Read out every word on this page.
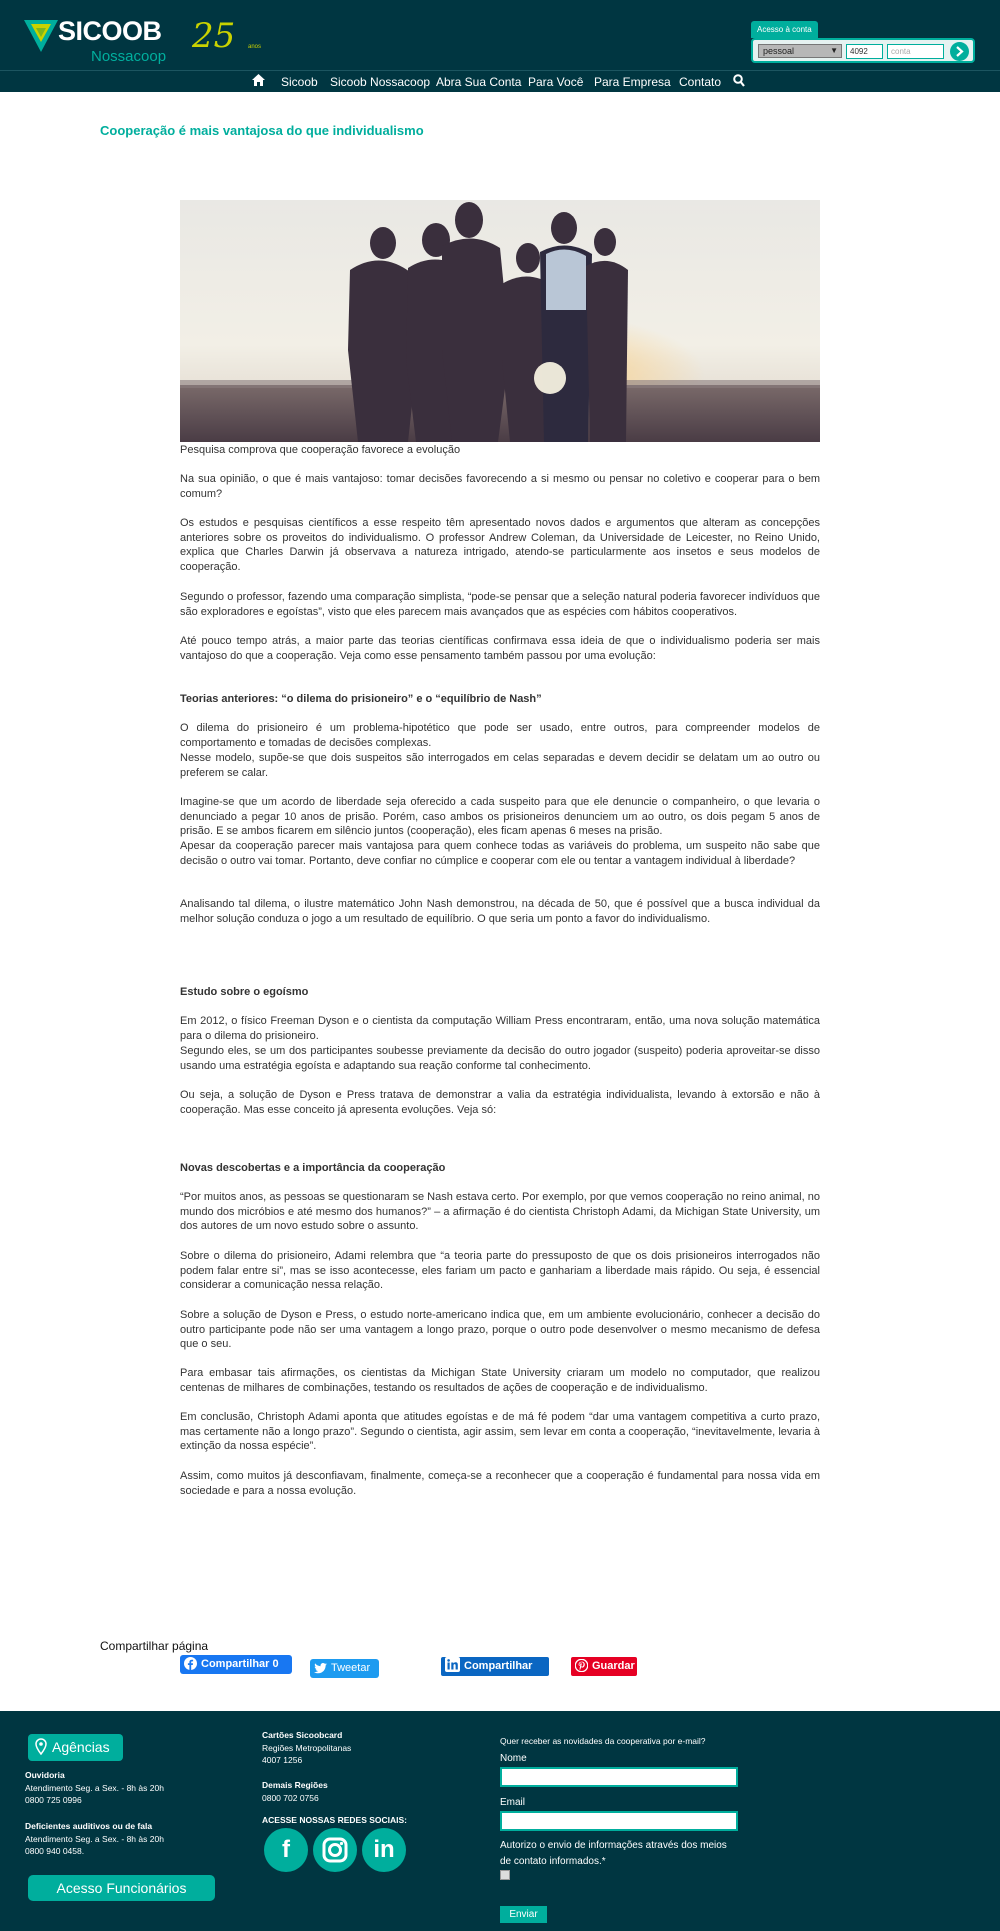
SICOOB
Nossacoop
25 anos
Acesso à conta
pessoal	▼	4092	conta
Sicoob Sicoob Nossacoop Abra Sua Conta Para Você Para Empresa Contato
Cooperação é mais vantajosa do que individualismo
Pesquisa comprova que cooperação favorece a evolução
Na sua opinião, o que é mais vantajoso: tomar decisões favorecendo a si mesmo ou pensar no coletivo e cooperar para o bem comum?
Os estudos e pesquisas científicos a esse respeito têm apresentado novos dados e argumentos que alteram as concepções anteriores sobre os proveitos do individualismo. O professor Andrew Coleman, da Universidade de Leicester, no Reino Unido, explica que Charles Darwin já observava a natureza intrigado, atendo-se particularmente aos insetos e seus modelos de cooperação.
Segundo o professor, fazendo uma comparação simplista, “pode-se pensar que a seleção natural poderia favorecer indivíduos que são exploradores e egoístas”, visto que eles parecem mais avançados que as espécies com hábitos cooperativos.
Até pouco tempo atrás, a maior parte das teorias científicas confirmava essa ideia de que o individualismo poderia ser mais vantajoso do que a cooperação. Veja como esse pensamento também passou por uma evolução:
Teorias anteriores: “o dilema do prisioneiro” e o “equilíbrio de Nash”
O dilema do prisioneiro é um problema-hipotético que pode ser usado, entre outros, para compreender modelos de comportamento e tomadas de decisões complexas.
Nesse modelo, supõe-se que dois suspeitos são interrogados em celas separadas e devem decidir se delatam um ao outro ou preferem se calar.
Imagine-se que um acordo de liberdade seja oferecido a cada suspeito para que ele denuncie o companheiro, o que levaria o denunciado a pegar 10 anos de prisão. Porém, caso ambos os prisioneiros denunciem um ao outro, os dois pegam 5 anos de prisão. E se ambos ficarem em silêncio juntos (cooperação), eles ficam apenas 6 meses na prisão.
Apesar da cooperação parecer mais vantajosa para quem conhece todas as variáveis do problema, um suspeito não sabe que decisão o outro vai tomar. Portanto, deve confiar no cúmplice e cooperar com ele ou tentar a vantagem individual à liberdade?
Analisando tal dilema, o ilustre matemático John Nash demonstrou, na década de 50, que é possível que a busca individual da melhor solução conduza o jogo a um resultado de equilíbrio. O que seria um ponto a favor do individualismo.
Estudo sobre o egoísmo
Em 2012, o físico Freeman Dyson e o cientista da computação William Press encontraram, então, uma nova solução matemática para o dilema do prisioneiro.
Segundo eles, se um dos participantes soubesse previamente da decisão do outro jogador (suspeito) poderia aproveitar-se disso usando uma estratégia egoísta e adaptando sua reação conforme tal conhecimento.
Ou seja, a solução de Dyson e Press tratava de demonstrar a valia da estratégia individualista, levando à extorsão e não à cooperação. Mas esse conceito já apresenta evoluções. Veja só:
Novas descobertas e a importância da cooperação
“Por muitos anos, as pessoas se questionaram se Nash estava certo. Por exemplo, por que vemos cooperação no reino animal, no mundo dos micróbios e até mesmo dos humanos?” – a afirmação é do cientista Christoph Adami, da Michigan State University, um dos autores de um novo estudo sobre o assunto.
Sobre o dilema do prisioneiro, Adami relembra que “a teoria parte do pressuposto de que os dois prisioneiros interrogados não podem falar entre si”, mas se isso acontecesse, eles fariam um pacto e ganhariam a liberdade mais rápido. Ou seja, é essencial considerar a comunicação nessa relação.
Sobre a solução de Dyson e Press, o estudo norte-americano indica que, em um ambiente evolucionário, conhecer a decisão do outro participante pode não ser uma vantagem a longo prazo, porque o outro pode desenvolver o mesmo mecanismo de defesa que o seu.
Para embasar tais afirmações, os cientistas da Michigan State University criaram um modelo no computador, que realizou centenas de milhares de combinações, testando os resultados de ações de cooperação e de individualismo.
Em conclusão, Christoph Adami aponta que atitudes egoístas e de má fé podem “dar uma vantagem competitiva a curto prazo, mas certamente não a longo prazo”. Segundo o cientista, agir assim, sem levar em conta a cooperação, “inevitavelmente, levaria à extinção da nossa espécie”.
Assim, como muitos já desconfiavam, finalmente, começa-se a reconhecer que a cooperação é fundamental para nossa vida em sociedade e para a nossa evolução.
Compartilhar página
Compartilhar 0	Tweetar	Compartilhar	Guardar
Agências
Ouvidoria
Atendimento Seg. a Sex. - 8h às 20h
0800 725 0996
Deficientes auditivos ou de fala
Atendimento Seg. a Sex. - 8h às 20h
0800 940 0458.
Acesso Funcionários
Cartões Sicoobcard
Regiões Metropolitanas
4007 1256
Demais Regiões
0800 702 0756
ACESSE NOSSAS REDES SOCIAIS:
f	in
Quer receber as novidades da cooperativa por e-mail?
Nome
Email
Autorizo o envio de informações através dos meios de contato informados.*
Enviar
